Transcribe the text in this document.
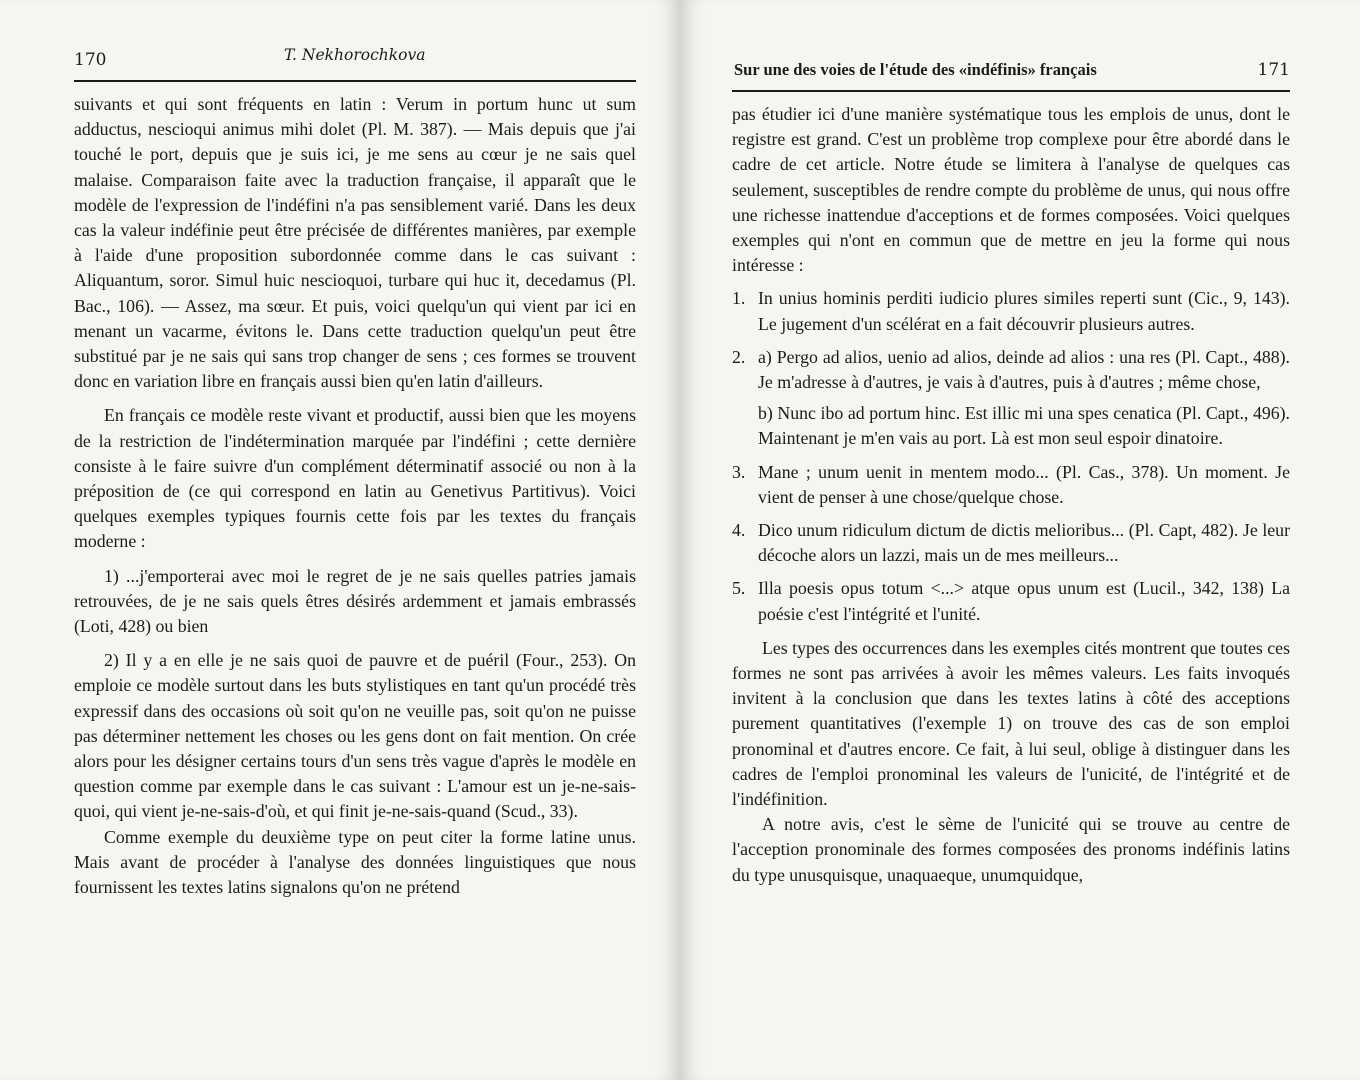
170	T. Nekhorochkova

suivants et qui sont fréquents en latin : Verum in portum hunc ut sum adductus, nescioqui animus mihi dolet (Pl. M. 387). — Mais depuis que j'ai touché le port, depuis que je suis ici, je me sens au cœur je ne sais quel malaise. Comparaison faite avec la traduction française, il apparaît que le modèle de l'expression de l'indéfini n'a pas sensiblement varié. Dans les deux cas la valeur indéfinie peut être précisée de différentes manières, par exemple à l'aide d'une proposition subordonnée comme dans le cas suivant : Aliquantum, soror. Simul huic nescioquoi, turbare qui huc it, decedamus (Pl. Bac., 106). — Assez, ma sœur. Et puis, voici quelqu'un qui vient par ici en menant un vacarme, évitons le. Dans cette traduction quelqu'un peut être substitué par je ne sais qui sans trop changer de sens ; ces formes se trouvent donc en variation libre en français aussi bien qu'en latin d'ailleurs.

En français ce modèle reste vivant et productif, aussi bien que les moyens de la restriction de l'indétermination marquée par l'indéfini ; cette dernière consiste à le faire suivre d'un complément déterminatif associé ou non à la préposition de (ce qui correspond en latin au Genetivus Partitivus). Voici quelques exemples typiques fournis cette fois par les textes du français moderne :

1) ...j'emporterai avec moi le regret de je ne sais quelles patries jamais retrouvées, de je ne sais quels êtres désirés ardemment et jamais embrassés (Loti, 428) ou bien

2) Il y a en elle je ne sais quoi de pauvre et de puéril (Four., 253). On emploie ce modèle surtout dans les buts stylistiques en tant qu'un procédé très expressif dans des occasions où soit qu'on ne veuille pas, soit qu'on ne puisse pas déterminer nettement les choses ou les gens dont on fait mention. On crée alors pour les désigner certains tours d'un sens très vague d'après le modèle en question comme par exemple dans le cas suivant : L'amour est un je-ne-sais-quoi, qui vient je-ne-sais-d'où, et qui finit je-ne-sais-quand (Scud., 33).

Comme exemple du deuxième type on peut citer la forme latine unus. Mais avant de procéder à l'analyse des données linguistiques que nous fournissent les textes latins signalons qu'on ne prétend

Sur une des voies de l'étude des «indéfinis» français	171

pas étudier ici d'une manière systématique tous les emplois de unus, dont le registre est grand. C'est un problème trop complexe pour être abordé dans le cadre de cet article. Notre étude se limitera à l'analyse de quelques cas seulement, susceptibles de rendre compte du problème de unus, qui nous offre une richesse inattendue d'acceptions et de formes composées. Voici quelques exemples qui n'ont en commun que de mettre en jeu la forme qui nous intéresse :

1. In unius hominis perditi iudicio plures similes reperti sunt (Cic., 9, 143). Le jugement d'un scélérat en a fait découvrir plusieurs autres.
2. a) Pergo ad alios, uenio ad alios, deinde ad alios : una res (Pl. Capt., 488). Je m'adresse à d'autres, je vais à d'autres, puis à d'autres ; même chose,
b) Nunc ibo ad portum hinc. Est illic mi una spes cenatica (Pl. Capt., 496). Maintenant je m'en vais au port. Là est mon seul espoir dinatoire.
3. Mane ; unum uenit in mentem modo... (Pl. Cas., 378). Un moment. Je vient de penser à une chose/quelque chose.
4. Dico unum ridiculum dictum de dictis melioribus... (Pl. Capt, 482). Je leur décoche alors un lazzi, mais un de mes meilleurs...
5. Illa poesis opus totum <...> atque opus unum est (Lucil., 342, 138) La poésie c'est l'intégrité et l'unité.

Les types des occurrences dans les exemples cités montrent que toutes ces formes ne sont pas arrivées à avoir les mêmes valeurs. Les faits invoqués invitent à la conclusion que dans les textes latins à côté des acceptions purement quantitatives (l'exemple 1) on trouve des cas de son emploi pronominal et d'autres encore. Ce fait, à lui seul, oblige à distinguer dans les cadres de l'emploi pronominal les valeurs de l'unicité, de l'intégrité et de l'indéfinition.

A notre avis, c'est le sème de l'unicité qui se trouve au centre de l'acception pronominale des formes composées des pronoms indéfinis latins du type unusquisque, unaquaeque, unumquidque,
